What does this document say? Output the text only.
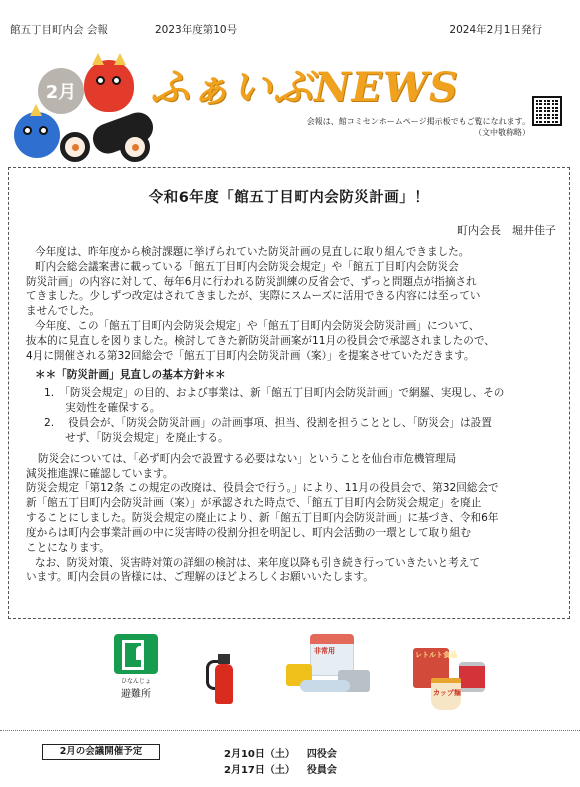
館五丁目町内会 会報	2023年度第10号	2024年2月1日発行
2月 ふぁいぶNEWS
会報は、館コミセンホームページ掲示板でもご覧になれます。
（文中敬称略）
令和6年度「館五丁目町内会防災計画」！
町内会長　堀井佳子

今年度は、昨年度から検討課題に挙げられていた防災計画の見直しに取り組んできました。

町内会総会議案書に載っている「館五丁目町内会防災会規定」や「館五丁目町内会防災会

防災計画」の内容に対して、毎年6月に行われる防災訓練の反省会で、ずっと問題点が指摘され

てきました。少しずつ改定はされてきましたが、実際にスムーズに活用できる内容には至ってい

ませんでした。

今年度、この「館五丁目町内会防災会規定」や「館五丁目町内会防災会防災計画」について、

抜本的に見直しを図りました。検討してきた新防災計画案が11月の役員会で承認されましたので、

4月に開催される第32回総会で「館五丁目町内会防災計画（案）」を提案させていただきます。

＊＊「防災計画」見直しの基本方針＊＊

1.　「防災会規定」の目的、および事業は、新「館五丁目町内会防災計画」で網羅、実現し、その

　　実効性を確保する。

2.　 役員会が、「防災会防災計画」の計画事項、担当、役割を担うこととし、「防災会」は設置

　　せず、「防災会規定」を廃止する。

防災会については、「必ず町内会で設置する必要はない」ということを仙台市危機管理局

減災推進課に確認しています。

防災会規定「第12条 この規定の改廃は、役員会で行う。」により、11月の役員会で、第32回総会で

新「館五丁目町内会防災計画（案）」が承認された時点で、「館五丁目町内会防災会規定」を廃止

することにしました。防災会規定の廃止により、新「館五丁目町内会防災計画」に基づき、令和6年

度からは町内会事業計画の中に災害時の役割分担を明記し、町内会活動の一環として取り組む

ことになります。

なお、防災対策、災害時対策の詳細の検討は、来年度以降も引き続き行っていきたいと考えて

います。町内会員の皆様には、ご理解のほどよろしくお願いいたします。

ひなんじょ
避難所
非常用	レトルト食品
カップ麺
2月の会議開催予定	2月10日（土） 四役会
2月17日（土） 役員会
